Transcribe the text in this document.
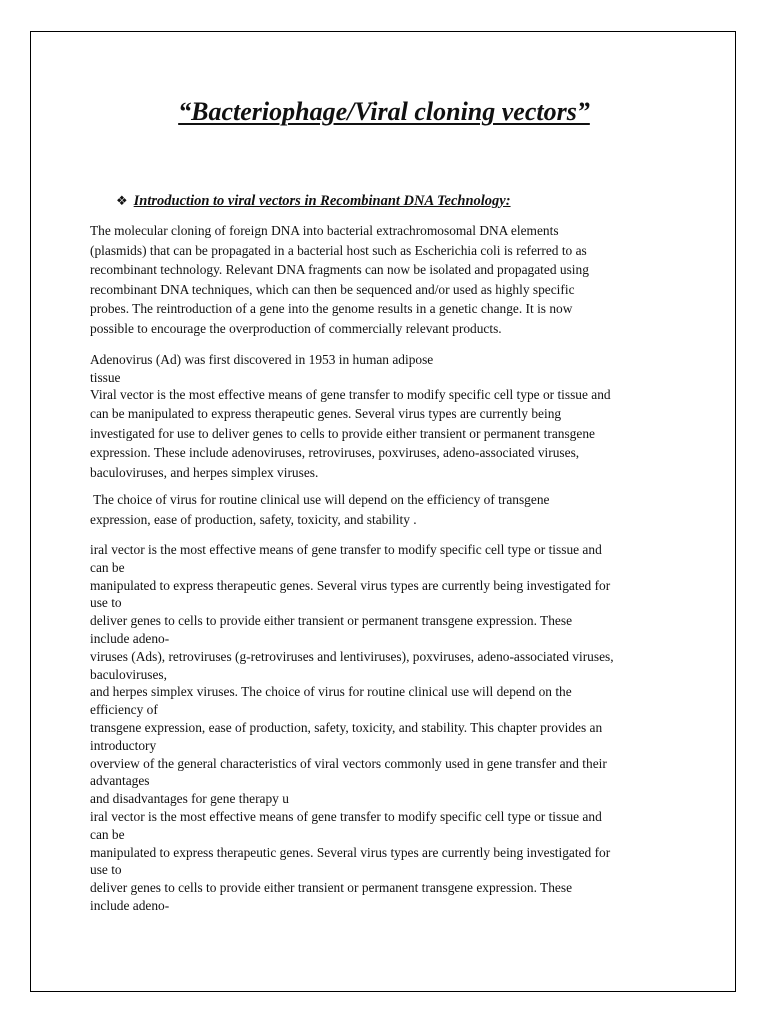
“Bacteriophage/Viral cloning vectors”
❖ Introduction to viral vectors in Recombinant DNA Technology:
The molecular cloning of foreign DNA into bacterial extrachromosomal DNA elements
(plasmids) that can be propagated in a bacterial host such as Escherichia coli is referred to as
recombinant technology. Relevant DNA fragments can now be isolated and propagated using
recombinant DNA techniques, which can then be sequenced and/or used as highly specific
probes. The reintroduction of a gene into the genome results in a genetic change. It is now
possible to encourage the overproduction of commercially relevant products.
Adenovirus (Ad) was first discovered in 1953 in human adipose
tissue
Viral vector is the most effective means of gene transfer to modify specific cell type or tissue and
can be manipulated to express therapeutic genes. Several virus types are currently being
investigated for use to deliver genes to cells to provide either transient or permanent transgene
expression. These include adenoviruses, retroviruses, poxviruses, adeno-associated viruses,
baculoviruses, and herpes simplex viruses.
The choice of virus for routine clinical use will depend on the efficiency of transgene
expression, ease of production, safety, toxicity, and stability .
iral vector is the most effective means of gene transfer to modify specific cell type or tissue and
can be
manipulated to express therapeutic genes. Several virus types are currently being investigated for
use to
deliver genes to cells to provide either transient or permanent transgene expression. These
include adeno-
viruses (Ads), retroviruses (g-retroviruses and lentiviruses), poxviruses, adeno-associated viruses,
baculoviruses,
and herpes simplex viruses. The choice of virus for routine clinical use will depend on the
efficiency of
transgene expression, ease of production, safety, toxicity, and stability. This chapter provides an
introductory
overview of the general characteristics of viral vectors commonly used in gene transfer and their
advantages
and disadvantages for gene therapy u
iral vector is the most effective means of gene transfer to modify specific cell type or tissue and
can be
manipulated to express therapeutic genes. Several virus types are currently being investigated for
use to
deliver genes to cells to provide either transient or permanent transgene expression. These
include adeno-
